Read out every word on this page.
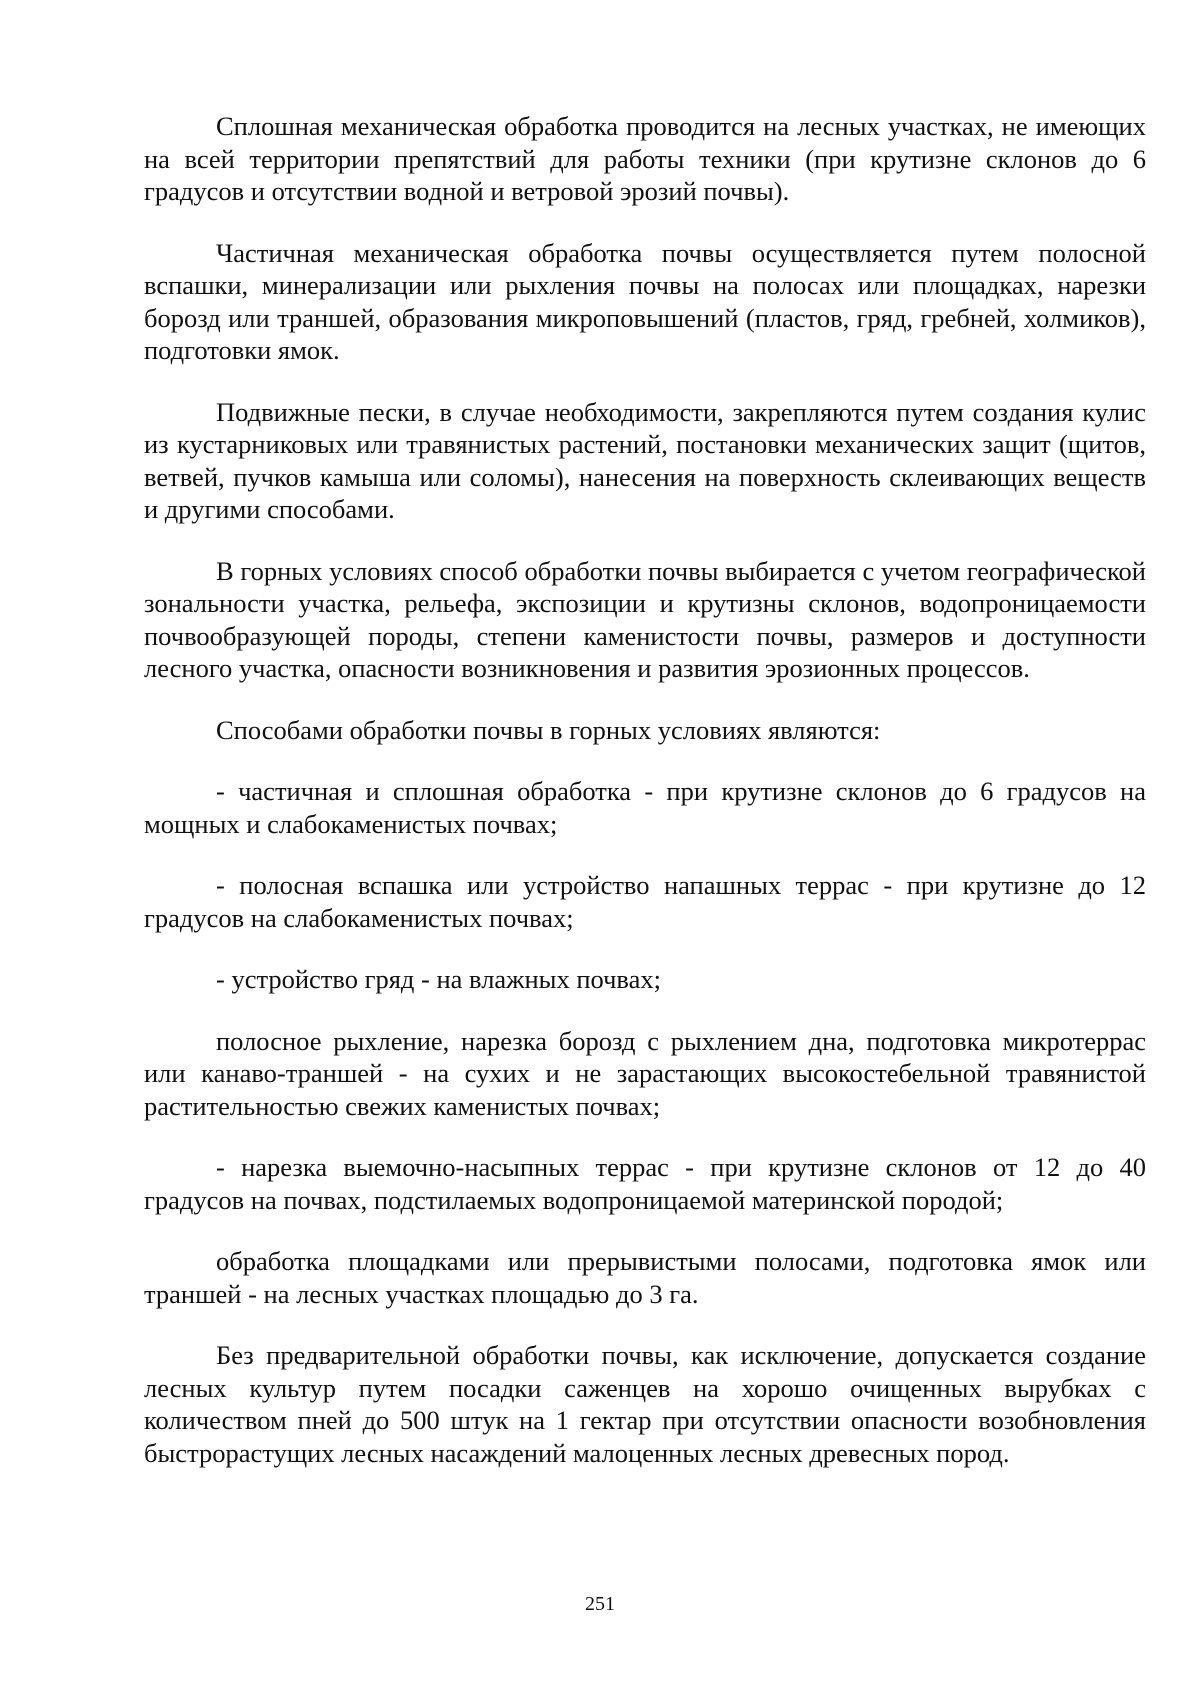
Сплошная механическая обработка проводится на лесных участках, не имеющих на всей территории препятствий для работы техники (при крутизне склонов до 6 градусов и отсутствии водной и ветровой эрозий почвы).

Частичная механическая обработка почвы осуществляется путем полосной вспашки, минерализации или рыхления почвы на полосах или площадках, нарезки борозд или траншей, образования микроповышений (пластов, гряд, гребней, холмиков), подготовки ямок.

Подвижные пески, в случае необходимости, закрепляются путем создания кулис из кустарниковых или травянистых растений, постановки механических защит (щитов, ветвей, пучков камыша или соломы), нанесения на поверхность склеивающих веществ и другими способами.

В горных условиях способ обработки почвы выбирается с учетом географической зональности участка, рельефа, экспозиции и крутизны склонов, водопроницаемости почвообразующей породы, степени каменистости почвы, размеров и доступности лесного участка, опасности возникновения и развития эрозионных процессов.

Способами обработки почвы в горных условиях являются:

- частичная и сплошная обработка - при крутизне склонов до 6 градусов на мощных и слабокаменистых почвах;

- полосная вспашка или устройство напашных террас - при крутизне до 12 градусов на слабокаменистых почвах;

- устройство гряд - на влажных почвах;

полосное рыхление, нарезка борозд с рыхлением дна, подготовка микротеррас или канаво-траншей - на сухих и не зарастающих высокостебельной травянистой растительностью свежих каменистых почвах;

- нарезка выемочно-насыпных террас - при крутизне склонов от 12 до 40 градусов на почвах, подстилаемых водопроницаемой материнской породой;

обработка площадками или прерывистыми полосами, подготовка ямок или траншей - на лесных участках площадью до 3 га.

Без предварительной обработки почвы, как исключение, допускается создание лесных культур путем посадки саженцев на хорошо очищенных вырубках с количеством пней до 500 штук на 1 гектар при отсутствии опасности возобновления быстрорастущих лесных насаждений малоценных лесных древесных пород.

251
